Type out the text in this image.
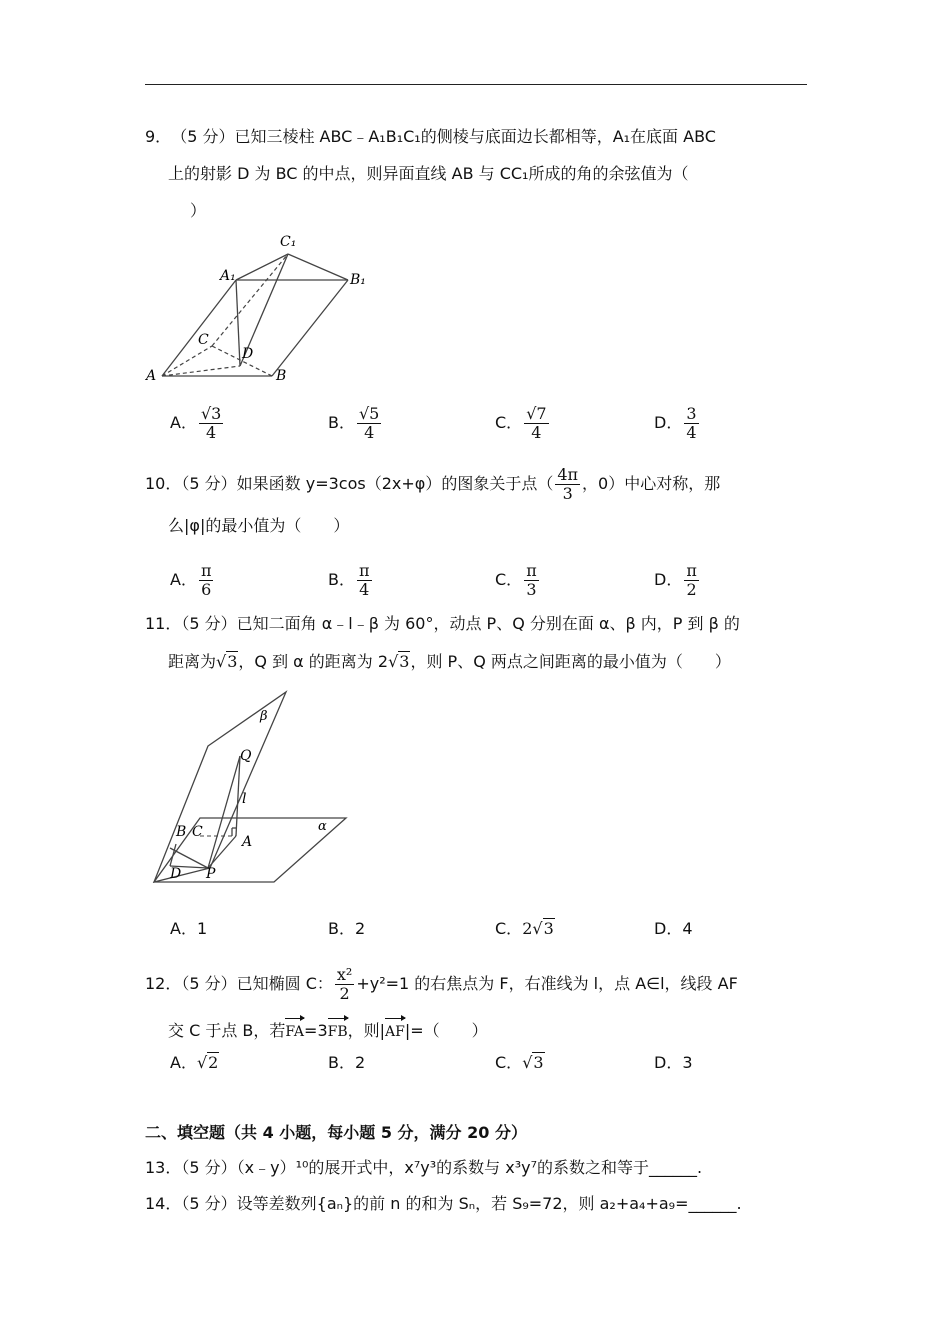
9．（5 分）已知三棱柱 ABC﹣A₁B₁C₁的侧棱与底面边长都相等，A₁在底面 ABC
上的射影 D 为 BC 的中点，则异面直线 AB 与 CC₁所成的角的余弦值为（
）
C₁
A₁	B₁
C
D
A	B
A． $\frac{√3}{4}$	B． $\frac{√5}{4}$	C． $\frac{√7}{4}$	D． $\frac{3}{4}$
10．（5 分）如果函数 y=3cos（2x+φ）的图象关于点（ $\frac{4\pi}{3}$ ，0）中心对称，那
么|φ|的最小值为（　　）
A． $\frac{\pi}{6}$	B． $\frac{\pi}{4}$	C． $\frac{\pi}{3}$	D． $\frac{\pi}{2}$
11．（5 分）已知二面角 α﹣l﹣β 为 60°，动点 P、Q 分别在面 α、β 内，P 到 β 的
距离为√3，Q 到 α 的距离为 2√3，则 P、Q 两点之间距离的最小值为（　　）
β
Q
l
α
B C
A
D P
A．1	B．2	C．2√3	D．4
12．（5 分）已知椭圆 C： $\frac{\text{x²}}{2} +y^2=1$ 的右焦点为 F，右准线为 l，点 A∈l，线段 AF
交 C 于点 B，若FA=3FB，则|AF|=（　　）
A．√2	B．2	C．√3	D．3
二、填空题（共 4 小题，每小题 5 分，满分 20 分）
13．（5 分）（x﹣y）¹⁰的展开式中，x⁷y³的系数与 x³y⁷的系数之和等于______.
14．（5 分）设等差数列{aₙ}的前 n 的和为 Sₙ，若 S₉=72，则 a₂+a₄+a₉=______.
